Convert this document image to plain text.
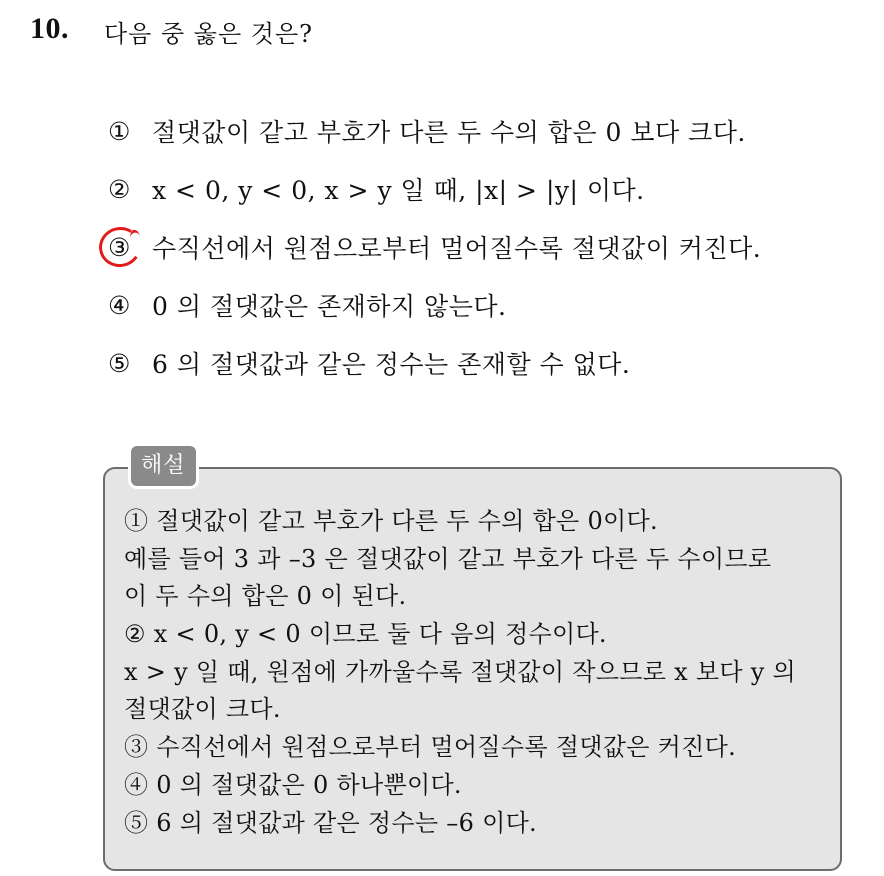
10. 다음 중 옳은 것은?
① 절댓값이 같고 부호가 다른 두 수의 합은 0 보다 크다.
② x < 0, y < 0, x > y 일 때, |x| > |y| 이다.
③ 수직선에서 원점으로부터 멀어질수록 절댓값이 커진다.
④ 0 의 절댓값은 존재하지 않는다.
⑤ 6 의 절댓값과 같은 정수는 존재할 수 없다.
해설
① 절댓값이 같고 부호가 다른 두 수의 합은 0이다.
예를 들어 3 과 –3 은 절댓값이 같고 부호가 다른 두 수이므로
이 두 수의 합은 0 이 된다.
② x < 0, y < 0 이므로 둘 다 음의 정수이다.
x > y 일 때, 원점에 가까울수록 절댓값이 작으므로 x 보다 y 의
절댓값이 크다.
③ 수직선에서 원점으로부터 멀어질수록 절댓값은 커진다.
④ 0 의 절댓값은 0 하나뿐이다.
⑤ 6 의 절댓값과 같은 정수는 –6 이다.
